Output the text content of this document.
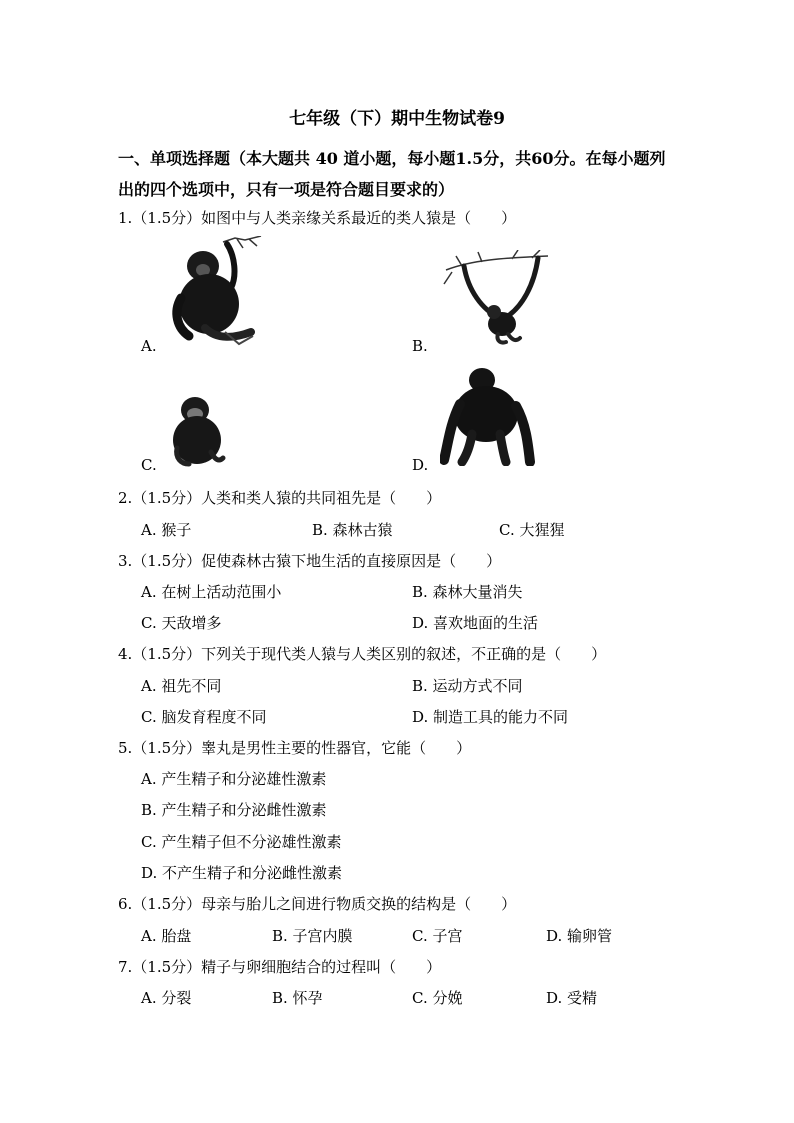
七年级（下）期中生物试卷9
一、单项选择题（本大题共 40 道小题，每小题1.5分，共60分。在每小题列
出的四个选项中，只有一项是符合题目要求的）
1.（1.5分）如图中与人类亲缘关系最近的类人猿是（　　）
A.	B.
C.	D.
2.（1.5分）人类和类人猿的共同祖先是（　　）
A. 猴子	B. 森林古猿	C. 大猩猩
3.（1.5分）促使森林古猿下地生活的直接原因是（　　）
A. 在树上活动范围小	B. 森林大量消失
C. 天敌增多	D. 喜欢地面的生活
4.（1.5分）下列关于现代类人猿与人类区别的叙述，不正确的是（　　）
A. 祖先不同	B. 运动方式不同
C. 脑发育程度不同	D. 制造工具的能力不同
5.（1.5分）睾丸是男性主要的性器官，它能（　　）
A. 产生精子和分泌雄性激素
B. 产生精子和分泌雌性激素
C. 产生精子但不分泌雄性激素
D. 不产生精子和分泌雌性激素
6.（1.5分）母亲与胎儿之间进行物质交换的结构是（　　）
A. 胎盘	B. 子宫内膜	C. 子宫	D. 输卵管
7.（1.5分）精子与卵细胞结合的过程叫（　　）
A. 分裂	B. 怀孕	C. 分娩	D. 受精
